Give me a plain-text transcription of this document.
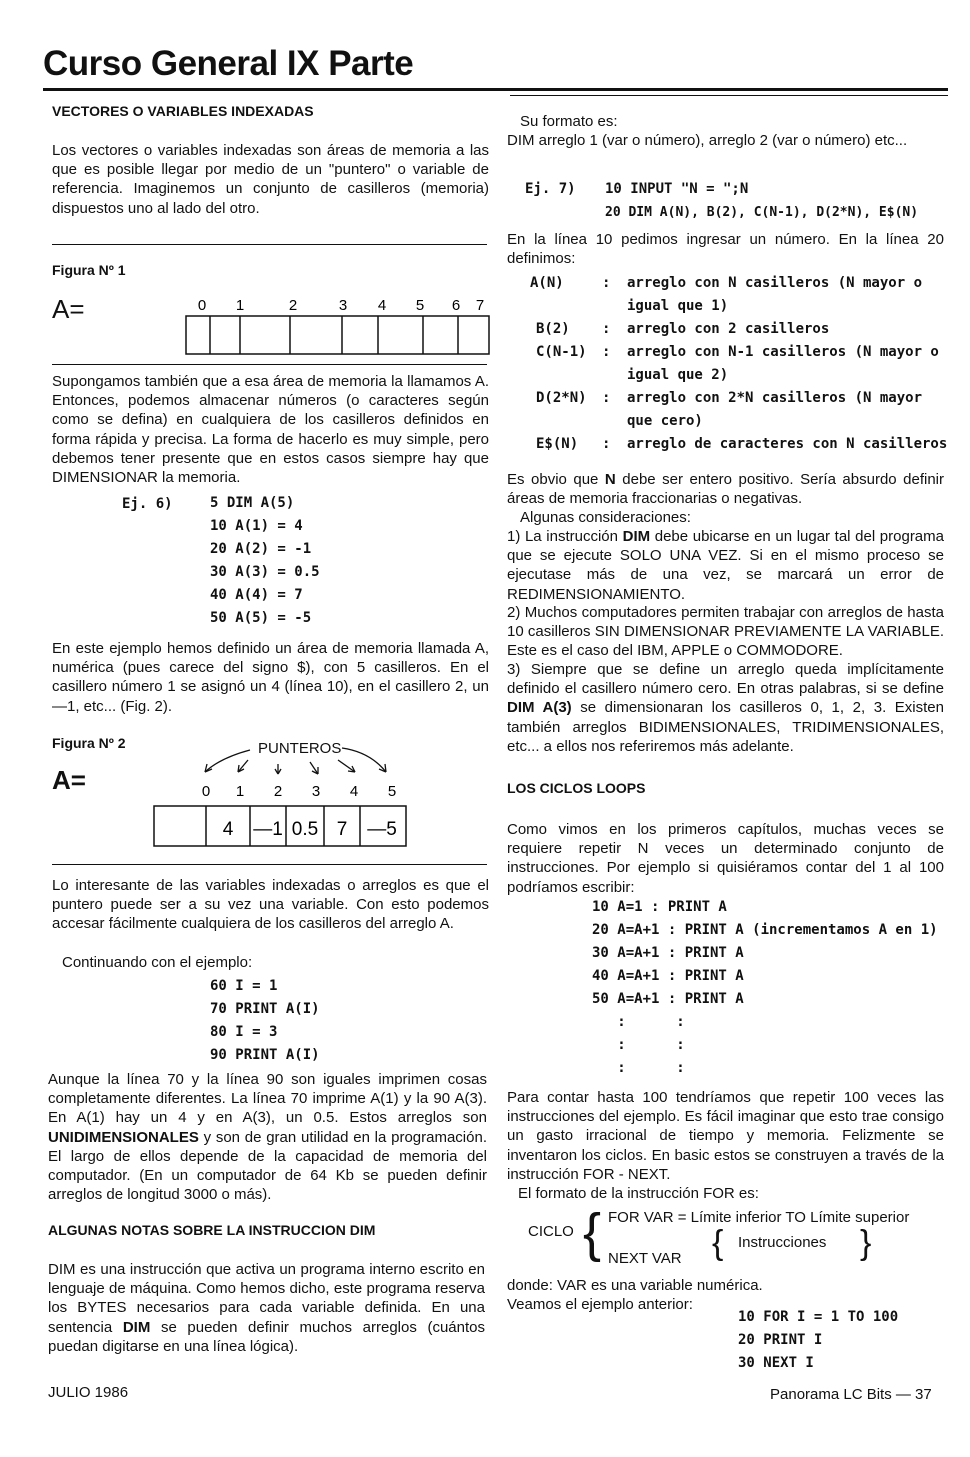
Curso General IX Parte
VECTORES O VARIABLES INDEXADAS
Los vectores o variables indexadas son áreas de memoria a las que es posible llegar por medio de un "puntero" o variable de referencia. Imaginemos un conjunto de casilleros (memoria) dispuestos uno al lado del otro.
Figura Nº 1
A=	0 1	2	3 4 5 6 7
Supongamos también que a esa área de memoria la llamamos A. Entonces, podemos almacenar números (o caracteres según como se defina) en cualquiera de los casilleros definidos en forma rápida y precisa. La forma de hacerlo es muy simple, pero debemos tener presente que en estos casos siempre hay que DIMENSIONAR la memoria.
Ej. 6)	5 DIM A(5)
10 A(1) = 4
20 A(2) = -1
30 A(3) = 0.5
40 A(4) = 7
50 A(5) = -5
En este ejemplo hemos definido un área de memoria llamada A, numérica (pues carece del signo $), con 5 casilleros. En el casillero número 1 se asignó un 4 (línea 10), en el casillero 2, un —1, etc... (Fig. 2).
Figura Nº 2
A=
PUNTEROS
0 1 2 3 4 5
4 —1 0.5 7 —5
Lo interesante de las variables indexadas o arreglos es que el puntero puede ser a su vez una variable. Con esto podemos accesar fácilmente cualquiera de los casilleros del arreglo A.
Continuando con el ejemplo:
60 I = 1
70 PRINT A(I)
80 I = 3
90 PRINT A(I)
Aunque la línea 70 y la línea 90 son iguales imprimen cosas completamente diferentes. La línea 70 imprime A(1) y la 90 A(3). En A(1) hay un 4 y en A(3), un 0.5. Estos arreglos son UNIDIMENSIONALES y son de gran utilidad en la programación. El largo de ellos depende de la capacidad de memoria del computador. (En un computador de 64 Kb se pueden definir arreglos de longitud 3000 o más).
ALGUNAS NOTAS SOBRE LA INSTRUCCION DIM
DIM es una instrucción que activa un programa interno escrito en lenguaje de máquina. Como hemos dicho, este programa reserva los BYTES necesarios para cada variable definida. En una sentencia DIM se pueden definir muchos arreglos (cuántos puedan digitarse en una línea lógica).
Su formato es:
DIM arreglo 1 (var o número), arreglo 2 (var o número) etc...
Ej. 7) 10 INPUT "N = ";N
20 DIM A(N), B(2), C(N-1), D(2*N), E$(N)
En la línea 10 pedimos ingresar un número. En la línea 20 definimos:
A(N)	: arreglo con N casilleros (N mayor o
igual que 1)
B(2) : arreglo con 2 casilleros
C(N-1) : arreglo con N-1 casilleros (N mayor o
igual que 2)
D(2*N) : arreglo con 2*N casilleros (N mayor
que cero)
E$(N) : arreglo de caracteres con N casilleros
Es obvio que N debe ser entero positivo. Sería absurdo definir áreas de memoria fraccionarias o negativas.
Algunas consideraciones:
1) La instrucción DIM debe ubicarse en un lugar tal del programa que se ejecute SOLO UNA VEZ. Si en el mismo proceso se ejecutase más de una vez, se marcará un error de REDIMENSIONAMIENTO.
2) Muchos computadores permiten trabajar con arreglos de hasta 10 casilleros SIN DIMENSIONAR PREVIAMENTE LA VARIABLE. Este es el caso del IBM, APPLE o COMMODORE.
3) Siempre que se define un arreglo queda implícitamente definido el casillero número cero. En otras palabras, si se define DIM A(3) se dimensionaran los casilleros 0, 1, 2, 3. Existen también arreglos BIDIMENSIONALES, TRIDIMENSIONALES, etc... a ellos nos referiremos más adelante.
LOS CICLOS LOOPS
Como vimos en los primeros capítulos, muchas veces se requiere repetir N veces un determinado conjunto de instrucciones. Por ejemplo si quisiéramos contar del 1 al 100 podríamos escribir:
10 A=1 : PRINT A
20 A=A+1 : PRINT A (incrementamos A en 1)
30 A=A+1 : PRINT A
40 A=A+1 : PRINT A
50 A=A+1 : PRINT A
:      :
:      :
:      :
Para contar hasta 100 tendríamos que repetir 100 veces las instrucciones del ejemplo. Es fácil imaginar que esto trae consigo un gasto irracional de tiempo y memoria. Felizmente se inventaron los ciclos. En basic estos se construyen a través de la instrucción FOR - NEXT.
El formato de la instrucción FOR es:
CICLO { FOR VAR = Límite inferior TO Límite superior
{ Instrucciones }
NEXT VAR
donde: VAR es una variable numérica.
Veamos el ejemplo anterior:
10 FOR I = 1 TO 100
20 PRINT I
30 NEXT I
JULIO 1986	Panorama LC Bits — 37
